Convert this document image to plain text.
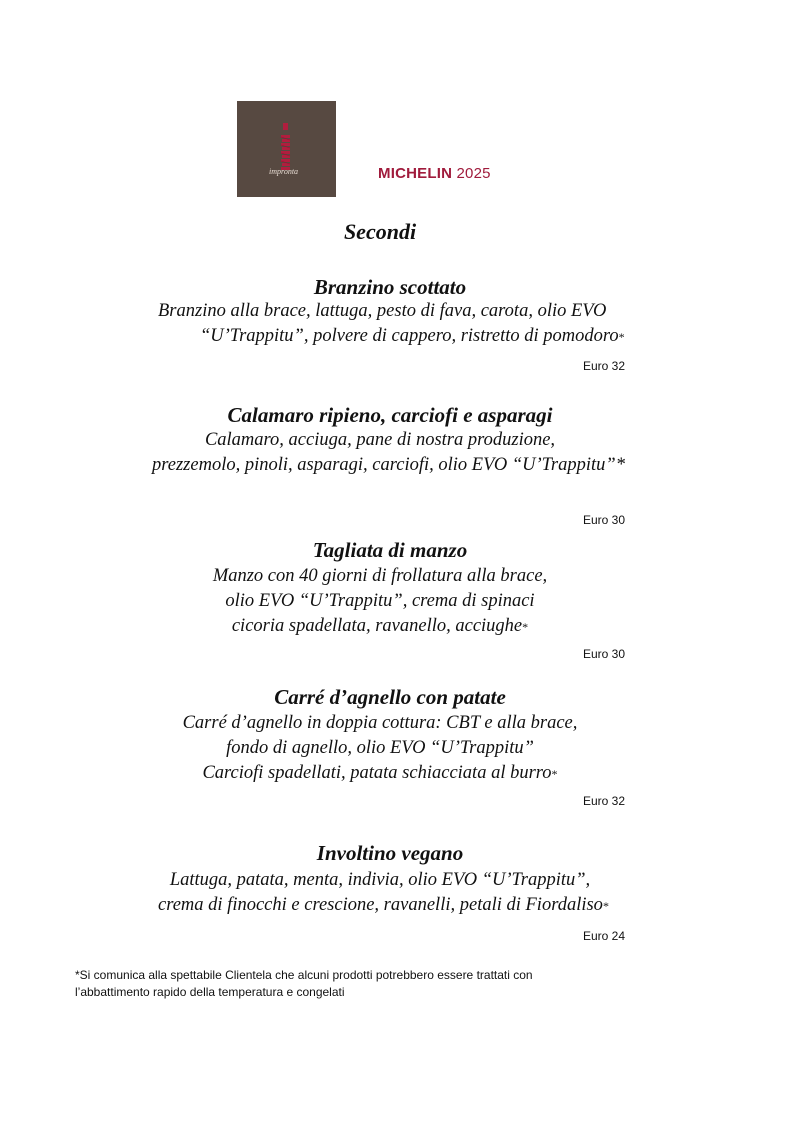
impronta	MICHELIN 2025
Secondi
Branzino scottato
Branzino alla brace, lattuga, pesto di fava, carota, olio EVO
“U’Trappitu”, polvere di cappero, ristretto di pomodoro*
Euro 32
Calamaro ripieno, carciofi e asparagi
Calamaro, acciuga, pane di nostra produzione,
prezzemolo, pinoli, asparagi, carciofi, olio EVO “U’Trappitu”*
Euro 30
Tagliata di manzo
Manzo con 40 giorni di frollatura alla brace,
olio EVO “U’Trappitu”, crema di spinaci
cicoria spadellata, ravanello, acciughe*
Euro 30
Carré d’agnello con patate
Carré d’agnello in doppia cottura: CBT e alla brace,
fondo di agnello, olio EVO “U’Trappitu”
Carciofi spadellati, patata schiacciata al burro*
Euro 32
Involtino vegano
Lattuga, patata, menta, indivia, olio EVO “U’Trappitu”,
crema di finocchi e crescione, ravanelli, petali di Fiordaliso*
Euro 24
*Si comunica alla spettabile Clientela che alcuni prodotti potrebbero essere trattati con
l’abbattimento rapido della temperatura e congelati
